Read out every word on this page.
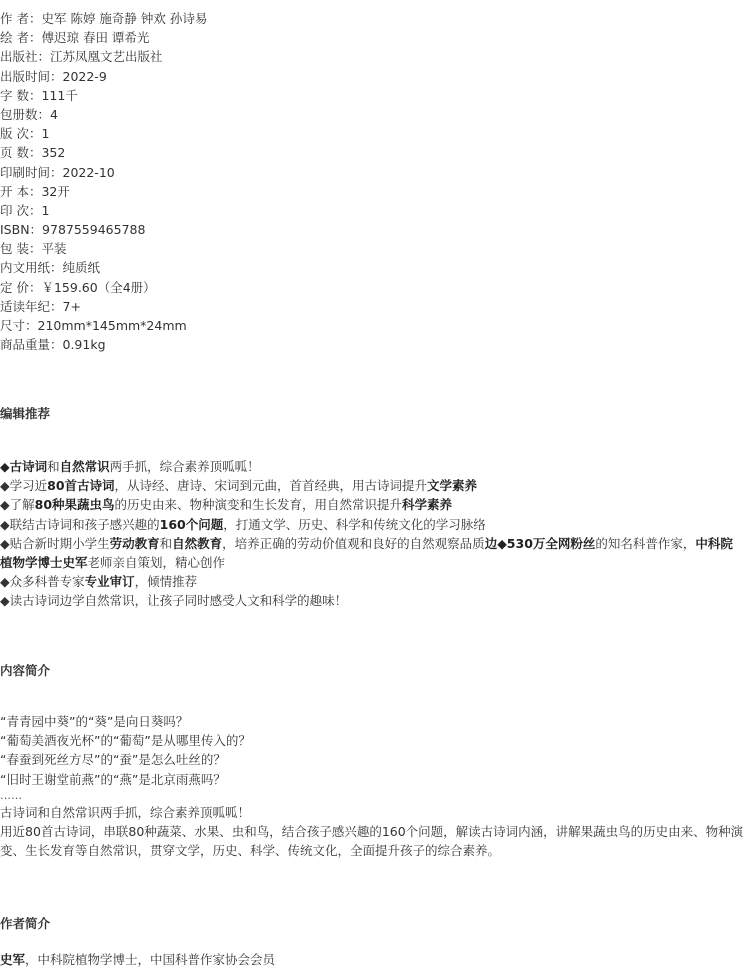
作 者：史军 陈婷 施奇静 钟欢 孙诗易
绘 者：傅迟琼 春田 谭希光
出版社：江苏凤凰文艺出版社
出版时间：2022-9
字 数：111千
包册数：4
版 次：1
页 数：352
印刷时间：2022-10
开 本：32开
印 次：1
ISBN：9787559465788
包 装：平装
内文用纸：纯质纸
定 价：￥159.60（全4册）
适读年纪：7+
尺寸：210mm*145mm*24mm
商品重量：0.91kg
编辑推荐
◆古诗词和自然常识两手抓，综合素养顶呱呱！
◆学习近80首古诗词，从诗经、唐诗、宋词到元曲，首首经典，用古诗词提升文学素养
◆了解80种果蔬虫鸟的历史由来、物种演变和生长发育，用自然常识提升科学素养
◆联结古诗词和孩子感兴趣的160个问题，打通文学、历史、科学和传统文化的学习脉络
◆贴合新时期小学生劳动教育和自然教育，培养正确的劳动价值观和良好的自然观察品质边◆530万全网粉丝的知名科普作家，中科院植物学博士史军老师亲自策划，精心创作
◆众多科普专家专业审订，倾情推荐
◆读古诗词边学自然常识，让孩子同时感受人文和科学的趣味！
内容简介
“青青园中葵”的“葵”是向日葵吗？
“葡萄美酒夜光杯”的“葡萄”是从哪里传入的？
“春蚕到死丝方尽”的“蚕”是怎么吐丝的？
“旧时王谢堂前燕”的“燕”是北京雨燕吗？
……
古诗词和自然常识两手抓，综合素养顶呱呱！
用近80首古诗词，串联80种蔬菜、水果、虫和鸟，结合孩子感兴趣的160个问题，解读古诗词内涵，讲解果蔬虫鸟的历史由来、物种演变、生长发育等自然常识，贯穿文学，历史、科学、传统文化，全面提升孩子的综合素养。
作者简介
史军，中科院植物学博士，中国科普作家协会会员
